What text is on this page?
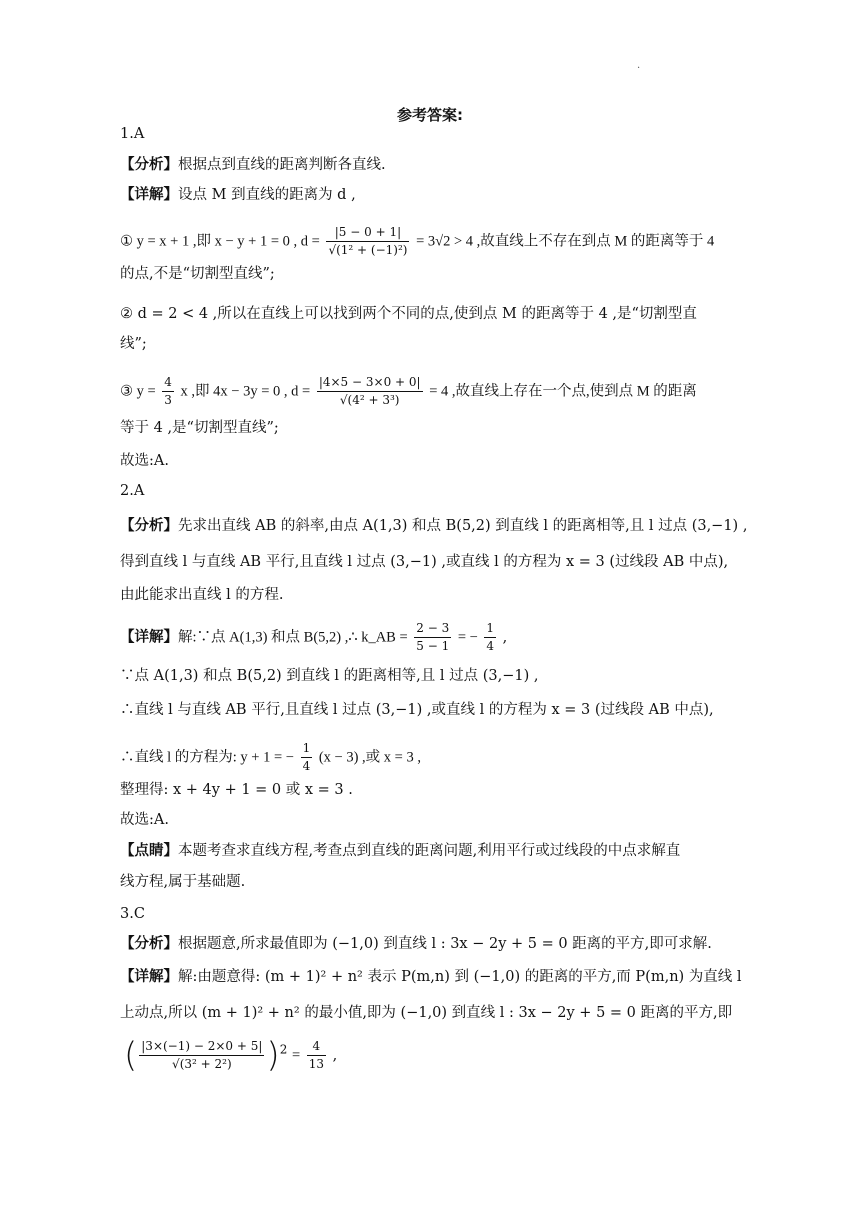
.
参考答案:
1.A
【分析】根据点到直线的距离判断各直线.
【详解】设点 M 到直线的距离为 d ,
① y = x + 1 ,即 x − y + 1 = 0 , $d = \frac{|5 - 0 + 1|}{\text{√(1² + (−1)²)}} = 3√2 > 4$ ,故直线上不存在到点 M 的距离等于 4
的点,不是“切割型直线”;
② d = 2 < 4 ,所以在直线上可以找到两个不同的点,使到点 M 的距离等于 4 ,是“切割型直
线”;
③ $y = \frac{4}{3}$ x ,即 4x − 3y = 0 , $d = \frac{|4\times 5 - 3\times 0 + 0|}{\text{√(4² + 3³)}} = 4$ ,故直线上存在一个点,使到点 M 的距离
等于 4 ,是“切割型直线”;
故选:A.
2.A
【分析】先求出直线 AB 的斜率,由点 A(1,3) 和点 B(5,2) 到直线 l 的距离相等,且 l 过点 (3,−1) ,
得到直线 l 与直线 AB 平行,且直线 l 过点 (3,−1) ,或直线 l 的方程为 x = 3 (过线段 AB 中点),
由此能求出直线 l 的方程.
【详解】解:∵点 A(1,3) 和点 B(5,2) ,∴ k_AB = $\frac{2 - 3}{5 - 1}$ = − $\frac{1}{4}$ ,
∵点 A(1,3) 和点 B(5,2) 到直线 l 的距离相等,且 l 过点 (3,−1) ,
∴直线 l 与直线 AB 平行,且直线 l 过点 (3,−1) ,或直线 l 的方程为 x = 3 (过线段 AB 中点),
∴直线 l 的方程为: y + 1 = − $\frac{1}{4} (x - 3)$ ,或 x = 3 ,
整理得: x + 4y + 1 = 0 或 x = 3 .
故选:A.
【点睛】本题考查求直线方程,考查点到直线的距离问题,利用平行或过线段的中点求解直
线方程,属于基础题.
3.C
【分析】根据题意,所求最值即为 (−1,0) 到直线 l : 3x − 2y + 5 = 0 距离的平方,即可求解.
【详解】解:由题意得: (m + 1)² + n² 表示 P(m,n) 到 (−1,0) 的距离的平方,而 P(m,n) 为直线 l
上动点,所以 (m + 1)² + n² 的最小值,即为 (−1,0) 到直线 l : 3x − 2y + 5 = 0 距离的平方,即
( $\frac{|3\times(-1) - 2\times 0 + 5|}{\text{√(3² + 2²)}} )^2 = \frac{4}{13}$ ,
